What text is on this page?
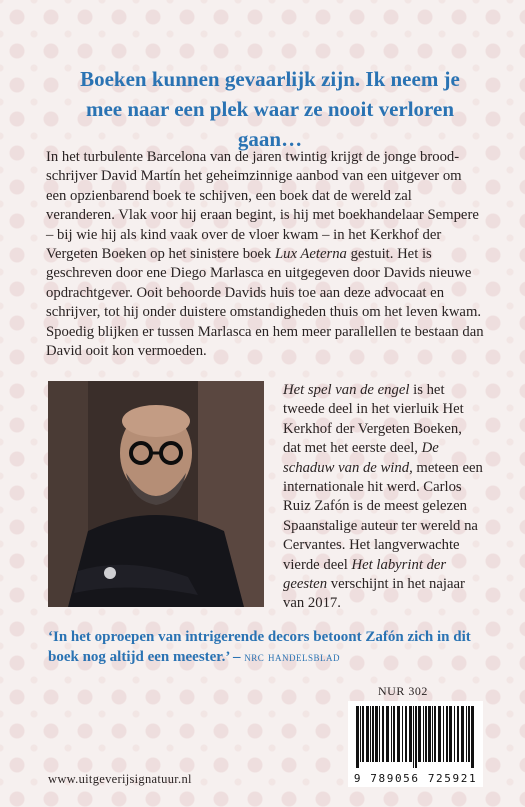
Boeken kunnen gevaarlijk zijn. Ik neem je mee naar een plek waar ze nooit verloren gaan…

In het turbulente Barcelona van de jaren twintig krijgt de jonge broodschrijver David Martín het geheimzinnige aanbod van een uitgever om een opzienbarend boek te schijven, een boek dat de wereld zal veranderen. Vlak voor hij eraan begint, is hij met boekhandelaar Sempere – bij wie hij als kind vaak over de vloer kwam – in het Kerkhof der Vergeten Boeken op het sinistere boek Lux Aeterna gestuit. Het is geschreven door ene Diego Marlasca en uitgegeven door Davids nieuwe opdrachtgever. Ooit behoorde Davids huis toe aan deze advocaat en schrijver, tot hij onder duistere omstandigheden thuis om het leven kwam. Spoedig blijken er tussen Marlasca en hem meer parallellen te bestaan dan David ooit kon vermoeden.

Het spel van de engel is het tweede deel in het vierluik Het Kerkhof der Vergeten Boeken, dat met het eerste deel, De schaduw van de wind, meteen een internationale hit werd. Carlos Ruiz Zafón is de meest gelezen Spaanstalige auteur ter wereld na Cervantes. Het langverwachte vierde deel Het labyrint der geesten verschijnt in het najaar van 2017.

‘In het oproepen van intrigerende decors betoont Zafón zich in dit boek nog altijd een meester.’ – nrc handelsblad

NUR 302
9 789056 725921
www.uitgeverijsignatuur.nl
